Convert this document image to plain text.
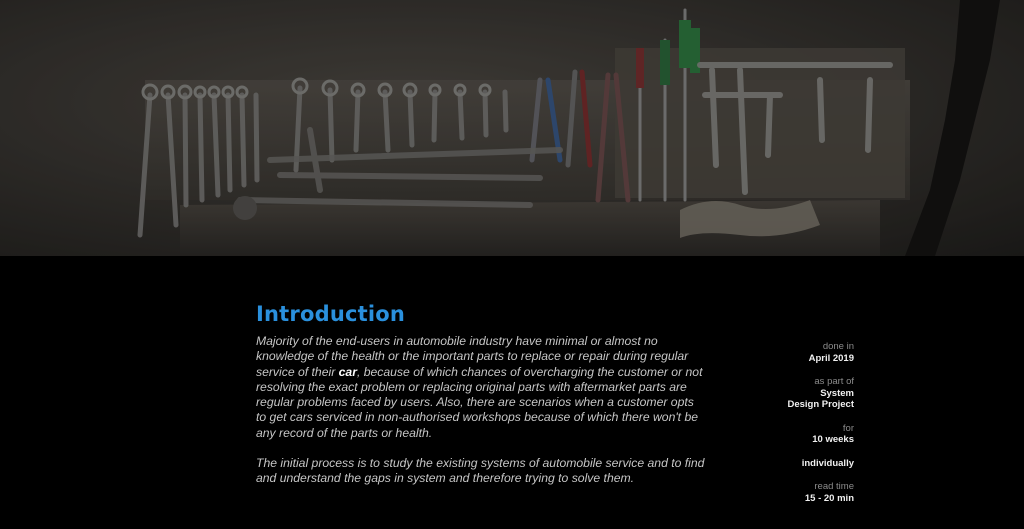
Introduction

Majority of the end-users in automobile industry have minimal or almost no knowledge of the health or the important parts to replace or repair during regular service of their car, because of which chances of overcharging the customer or not resolving the exact problem or replacing original parts with aftermarket parts are regular problems faced by users. Also, there are scenarios when a customer opts to get cars serviced in non-authorised workshops because of which there won't be any record of the parts or health.

The initial process is to study the existing systems of automobile service and to find and understand the gaps in system and therefore trying to solve them.

done in
April 2019
as part of
System
Design Project
for
10 weeks
individually
read time
15 - 20 min
